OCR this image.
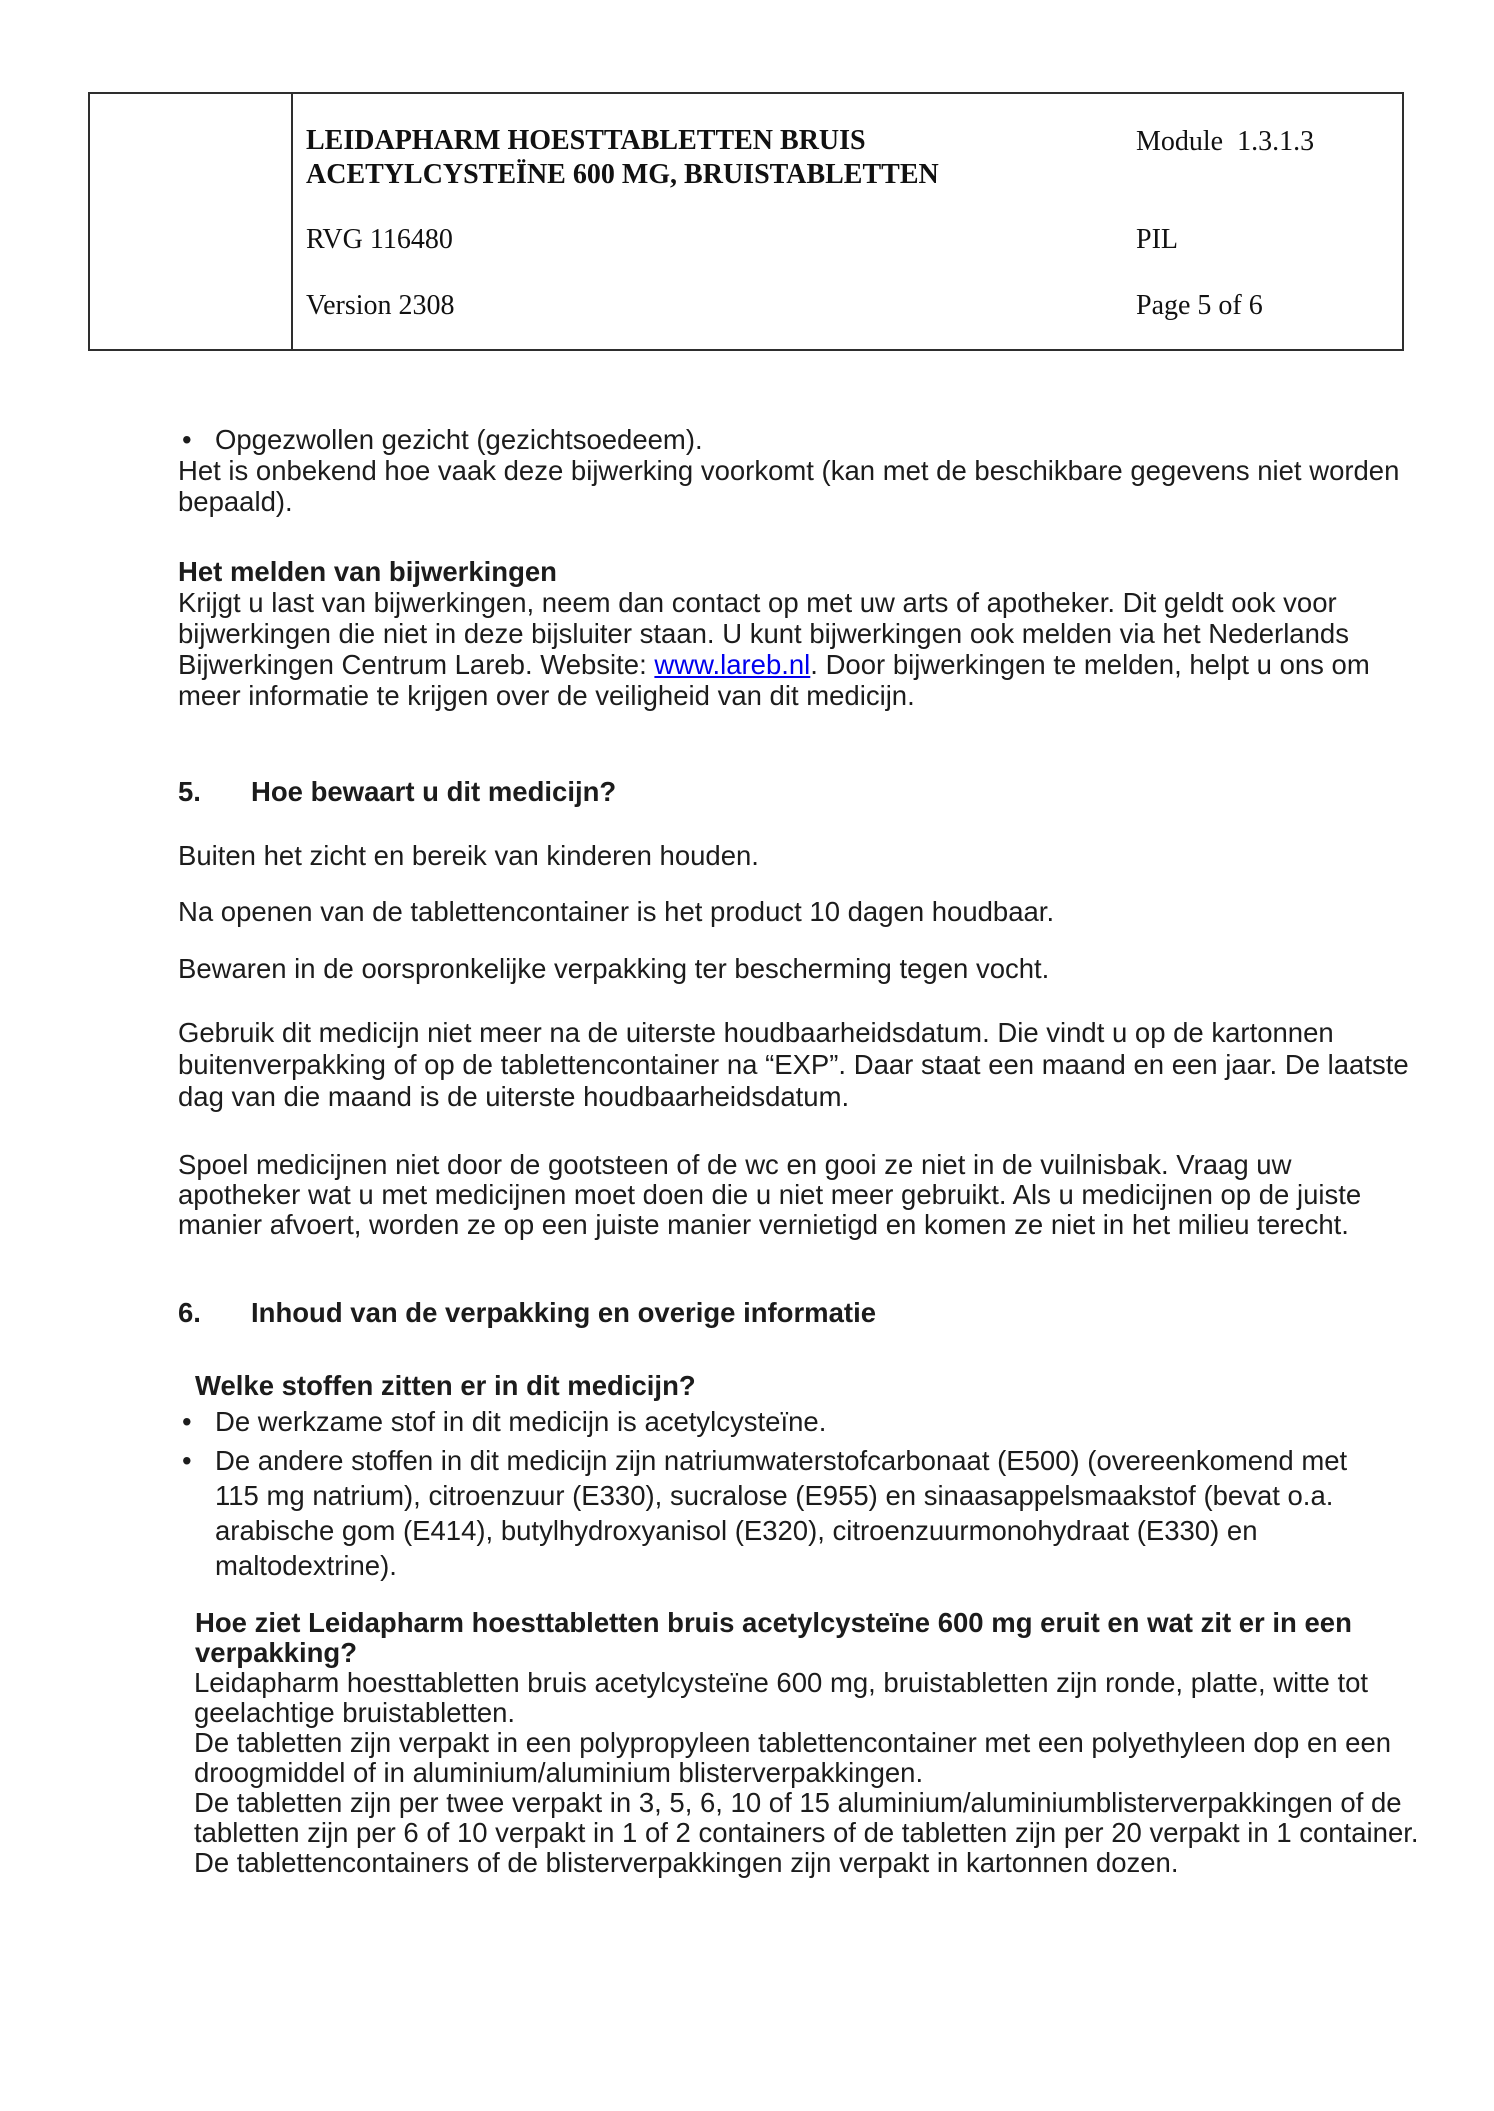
LEIDAPHARM HOESTTABLETTEN BRUIS
ACETYLCYSTEÏNE 600 MG, BRUISTABLETTEN
Module  1.3.1.3
RVG 116480	PIL
Version 2308	Page 5 of 6
• Opgezwollen gezicht (gezichtsoedeem).
Het is onbekend hoe vaak deze bijwerking voorkomt (kan met de beschikbare gegevens niet worden
bepaald).
Het melden van bijwerkingen
Krijgt u last van bijwerkingen, neem dan contact op met uw arts of apotheker. Dit geldt ook voor
bijwerkingen die niet in deze bijsluiter staan. U kunt bijwerkingen ook melden via het Nederlands
Bijwerkingen Centrum Lareb. Website: www.lareb.nl. Door bijwerkingen te melden, helpt u ons om
meer informatie te krijgen over de veiligheid van dit medicijn.
5. Hoe bewaart u dit medicijn?
Buiten het zicht en bereik van kinderen houden.
Na openen van de tablettencontainer is het product 10 dagen houdbaar.
Bewaren in de oorspronkelijke verpakking ter bescherming tegen vocht.
Gebruik dit medicijn niet meer na de uiterste houdbaarheidsdatum. Die vindt u op de kartonnen
buitenverpakking of op de tablettencontainer na “EXP”. Daar staat een maand en een jaar. De laatste
dag van die maand is de uiterste houdbaarheidsdatum.
Spoel medicijnen niet door de gootsteen of de wc en gooi ze niet in de vuilnisbak. Vraag uw
apotheker wat u met medicijnen moet doen die u niet meer gebruikt. Als u medicijnen op de juiste
manier afvoert, worden ze op een juiste manier vernietigd en komen ze niet in het milieu terecht.
6. Inhoud van de verpakking en overige informatie
Welke stoffen zitten er in dit medicijn?
• De werkzame stof in dit medicijn is acetylcysteïne.
• De andere stoffen in dit medicijn zijn natriumwaterstofcarbonaat (E500) (overeenkomend met
115 mg natrium), citroenzuur (E330), sucralose (E955) en sinaasappelsmaakstof (bevat o.a.
arabische gom (E414), butylhydroxyanisol (E320), citroenzuurmonohydraat (E330) en
maltodextrine).
Hoe ziet Leidapharm hoesttabletten bruis acetylcysteïne 600 mg eruit en wat zit er in een
verpakking?
Leidapharm hoesttabletten bruis acetylcysteïne 600 mg, bruistabletten zijn ronde, platte, witte tot
geelachtige bruistabletten.
De tabletten zijn verpakt in een polypropyleen tablettencontainer met een polyethyleen dop en een
droogmiddel of in aluminium/aluminium blisterverpakkingen.
De tabletten zijn per twee verpakt in 3, 5, 6, 10 of 15 aluminium/aluminiumblisterverpakkingen of de
tabletten zijn per 6 of 10 verpakt in 1 of 2 containers of de tabletten zijn per 20 verpakt in 1 container.
De tablettencontainers of de blisterverpakkingen zijn verpakt in kartonnen dozen.
